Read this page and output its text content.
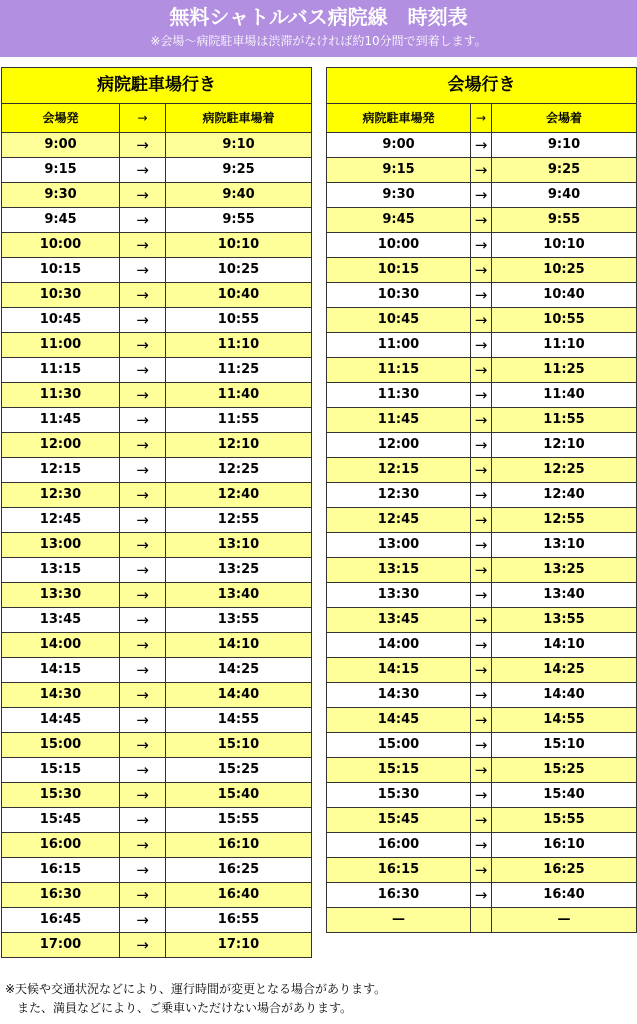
無料シャトルバス病院線　時刻表
※会場～病院駐車場は渋滞がなければ約10分間で到着します。
病院駐車場行き		
会場発	→	病院駐車場着
9:00	→	9:10
9:15	→	9:25
9:30	→	9:40
9:45	→	9:55
10:00	→	10:10
10:15	→	10:25
10:30	→	10:40
10:45	→	10:55
11:00	→	11:10
11:15	→	11:25
11:30	→	11:40
11:45	→	11:55
12:00	→	12:10
12:15	→	12:25
12:30	→	12:40
12:45	→	12:55
13:00	→	13:10
13:15	→	13:25
13:30	→	13:40
13:45	→	13:55
14:00	→	14:10
14:15	→	14:25
14:30	→	14:40
14:45	→	14:55
15:00	→	15:10
15:15	→	15:25
15:30	→	15:40
15:45	→	15:55
16:00	→	16:10
16:15	→	16:25
16:30	→	16:40
16:45	→	16:55
17:00	→	17:10
会場行き		
病院駐車場発	→	会場着
9:00	→	9:10
9:15	→	9:25
9:30	→	9:40
9:45	→	9:55
10:00	→	10:10
10:15	→	10:25
10:30	→	10:40
10:45	→	10:55
11:00	→	11:10
11:15	→	11:25
11:30	→	11:40
11:45	→	11:55
12:00	→	12:10
12:15	→	12:25
12:30	→	12:40
12:45	→	12:55
13:00	→	13:10
13:15	→	13:25
13:30	→	13:40
13:45	→	13:55
14:00	→	14:10
14:15	→	14:25
14:30	→	14:40
14:45	→	14:55
15:00	→	15:10
15:15	→	15:25
15:30	→	15:40
15:45	→	15:55
16:00	→	16:10
16:15	→	16:25
16:30	→	16:40
—		—
※天候や交通状況などにより、運行時間が変更となる場合があります。
　また、満員などにより、ご乗車いただけない場合があります。
